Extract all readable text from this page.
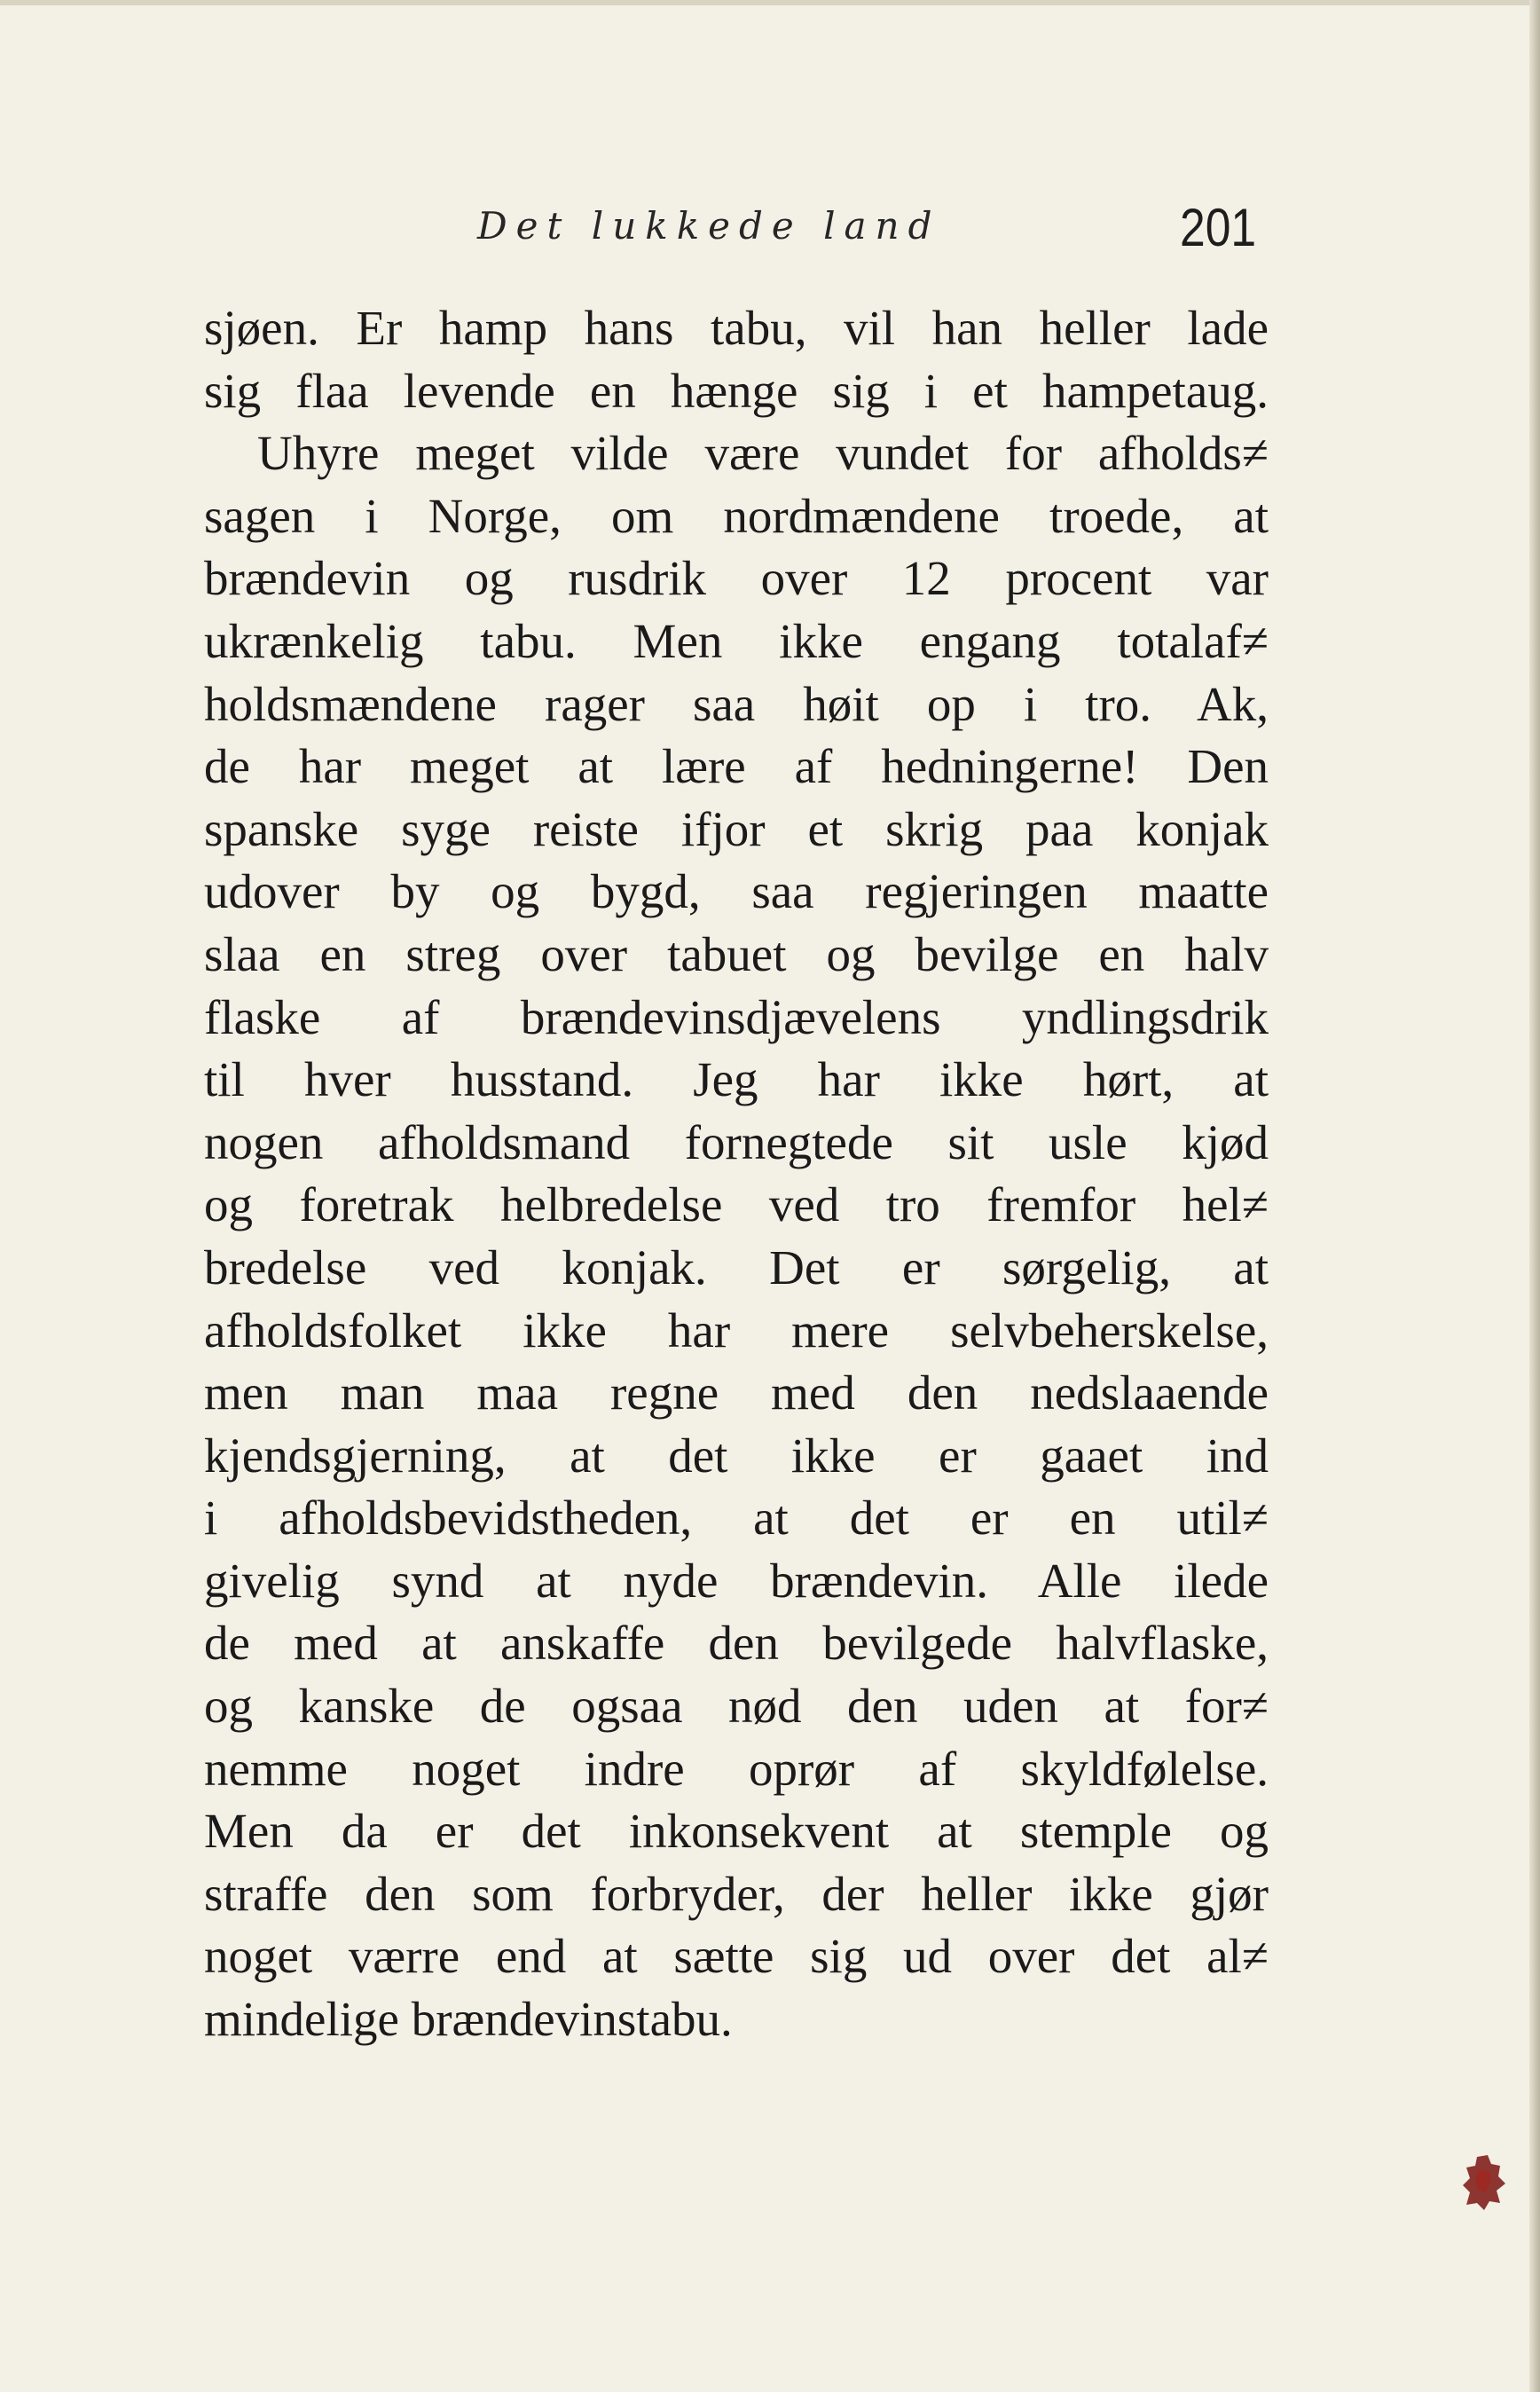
Det lukkede land	201
sjøen. Er hamp hans tabu, vil han heller lade
sig flaa levende en hænge sig i et hampetaug.
Uhyre meget vilde være vundet for afholds≠
sagen i Norge, om nordmændene troede, at
brændevin og rusdrik over 12 procent var
ukrænkelig tabu. Men ikke engang totalaf≠
holdsmændene rager saa høit op i tro. Ak,
de har meget at lære af hedningerne! Den
spanske syge reiste ifjor et skrig paa konjak
udover by og bygd, saa regjeringen maatte
slaa en streg over tabuet og bevilge en halv
flaske af brændevinsdjævelens yndlingsdrik
til hver husstand. Jeg har ikke hørt, at
nogen afholdsmand fornegtede sit usle kjød
og foretrak helbredelse ved tro fremfor hel≠
bredelse ved konjak. Det er sørgelig, at
afholdsfolket ikke har mere selvbeherskelse,
men man maa regne med den nedslaaende
kjendsgjerning, at det ikke er gaaet ind
i afholdsbevidstheden, at det er en util≠
givelig synd at nyde brændevin. Alle ilede
de med at anskaffe den bevilgede halvflaske,
og kanske de ogsaa nød den uden at for≠
nemme noget indre oprør af skyldfølelse.
Men da er det inkonsekvent at stemple og
straffe den som forbryder, der heller ikke gjør
noget værre end at sætte sig ud over det al≠
mindelige brændevinstabu.
